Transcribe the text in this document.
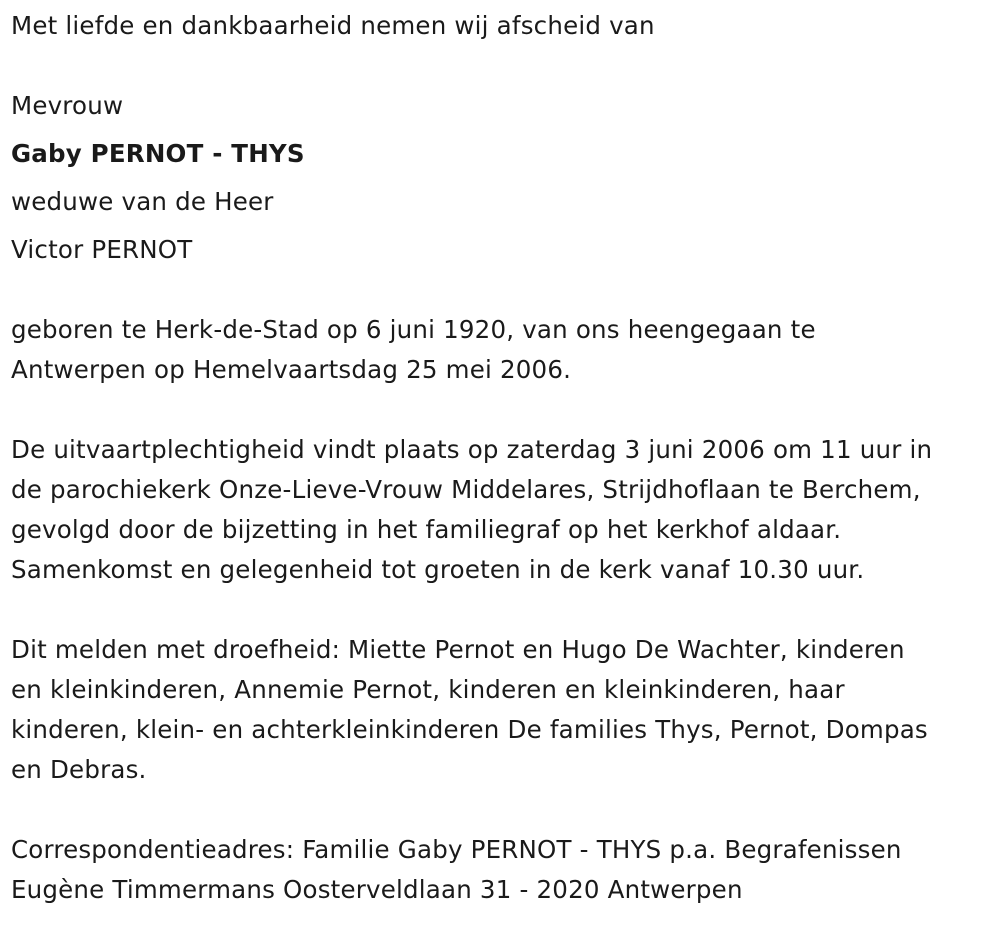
Met liefde en dankbaarheid nemen wij afscheid van
Mevrouw
Gaby PERNOT - THYS
weduwe van de Heer
Victor PERNOT
geboren te Herk-de-Stad op 6 juni 1920, van ons heengegaan te
Antwerpen op Hemelvaartsdag 25 mei 2006.
De uitvaartplechtigheid vindt plaats op zaterdag 3 juni 2006 om 11 uur in
de parochiekerk Onze-Lieve-Vrouw Middelares, Strijdhoflaan te Berchem,
gevolgd door de bijzetting in het familiegraf op het kerkhof aldaar.
Samenkomst en gelegenheid tot groeten in de kerk vanaf 10.30 uur.
Dit melden met droefheid: Miette Pernot en Hugo De Wachter, kinderen
en kleinkinderen, Annemie Pernot, kinderen en kleinkinderen, haar
kinderen, klein- en achterkleinkinderen De families Thys, Pernot, Dompas
en Debras.
Correspondentieadres: Familie Gaby PERNOT - THYS p.a. Begrafenissen
Eugène Timmermans Oosterveldlaan 31 - 2020 Antwerpen
